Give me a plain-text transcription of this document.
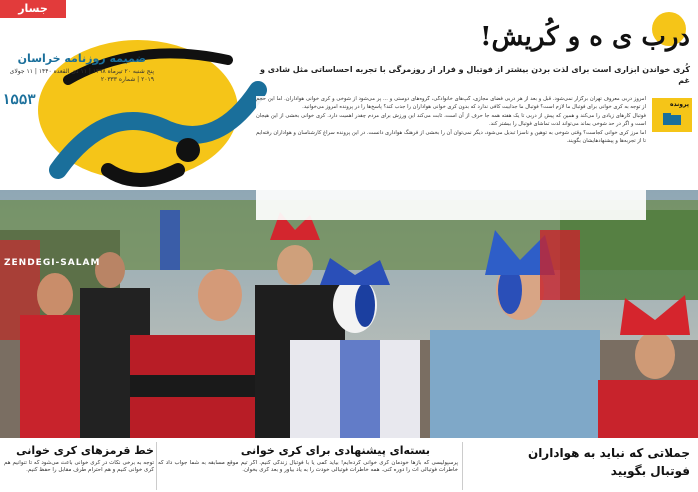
جسار
ضمیمه روزنامه خراسان
پنج شنبه ۲۰ تیرماه ۱۳۹۸ | ۱۱ ذی القعده ۱۴۴۰ | ۱۱ جولای ۲۰۱۹ | شماره ۲۰۳۳۳
۱۵۵۳
ZENDEGI-SALAM
درب ی ه و کُریش!
کُری خواندن ابزاری است برای لذت بردن بیشتر از فوتبال و فرار از روزمرگی با تجربه احساساتی مثل شادی و غم
پرونده

امروز دربی معروف تهران برگزار نمی‌شود. قبل و بعد از هر دربی فضای مجازی، گپ‌های خانوادگی، گروه‌های دوستی و ... پر می‌شود از شوخی و کری خوانی هواداران. اما این حجم از توجه به کری خوانی برای فوتبال ما لازم است؟ فوتبال ما جذابیت کافی ندارد که بدون کری خوانی هواداران را جذب کند؟ پاسخ‌ها را در پرونده امروز می‌خوانید.

فوتبال کارهای زیادی را می‌کند و همین که پیش از دربی تا یک هفته همه جا حرف از آن است، ثابت می‌کند این ورزش برای مردم چقدر اهمیت دارد. کری خوانی بخشی از این هیجان است و اگر در حد شوخی بماند می‌تواند لذت تماشای فوتبال را بیشتر کند.

اما مرز کری خوانی کجاست؟ وقتی شوخی به توهین و ناسزا تبدیل می‌شود، دیگر نمی‌توان آن را بخشی از فرهنگ هواداری دانست. در این پرونده سراغ کارشناسان و هواداران رفته‌ایم تا از تجربه‌ها و پیشنهادهایشان بگویند.

جملاتی که نباید به هواداران فوتبال بگویید
بسته‌ای پیشنهادی برای کری خوانی
پرسپولیسی که بازها خودمان کری خوانی کرده‌ایم! بیاید کمی یا با فوتبال زندگی کنیم. اگر تیم موقع مسابقه به شما جواب داد که خاطرات فوتبالی ات را دوره کنی. همه خاطرات فوتبالی خودت را به یاد بیاور و بعد کری بخوان.
خط قرمزهای کری خوانی
توجه به برخی نکات در کری خوانی باعث می‌شود که تا تنوانیم هم کری خوانی کنیم و هم احترام طرف مقابل را حفظ کنیم.
